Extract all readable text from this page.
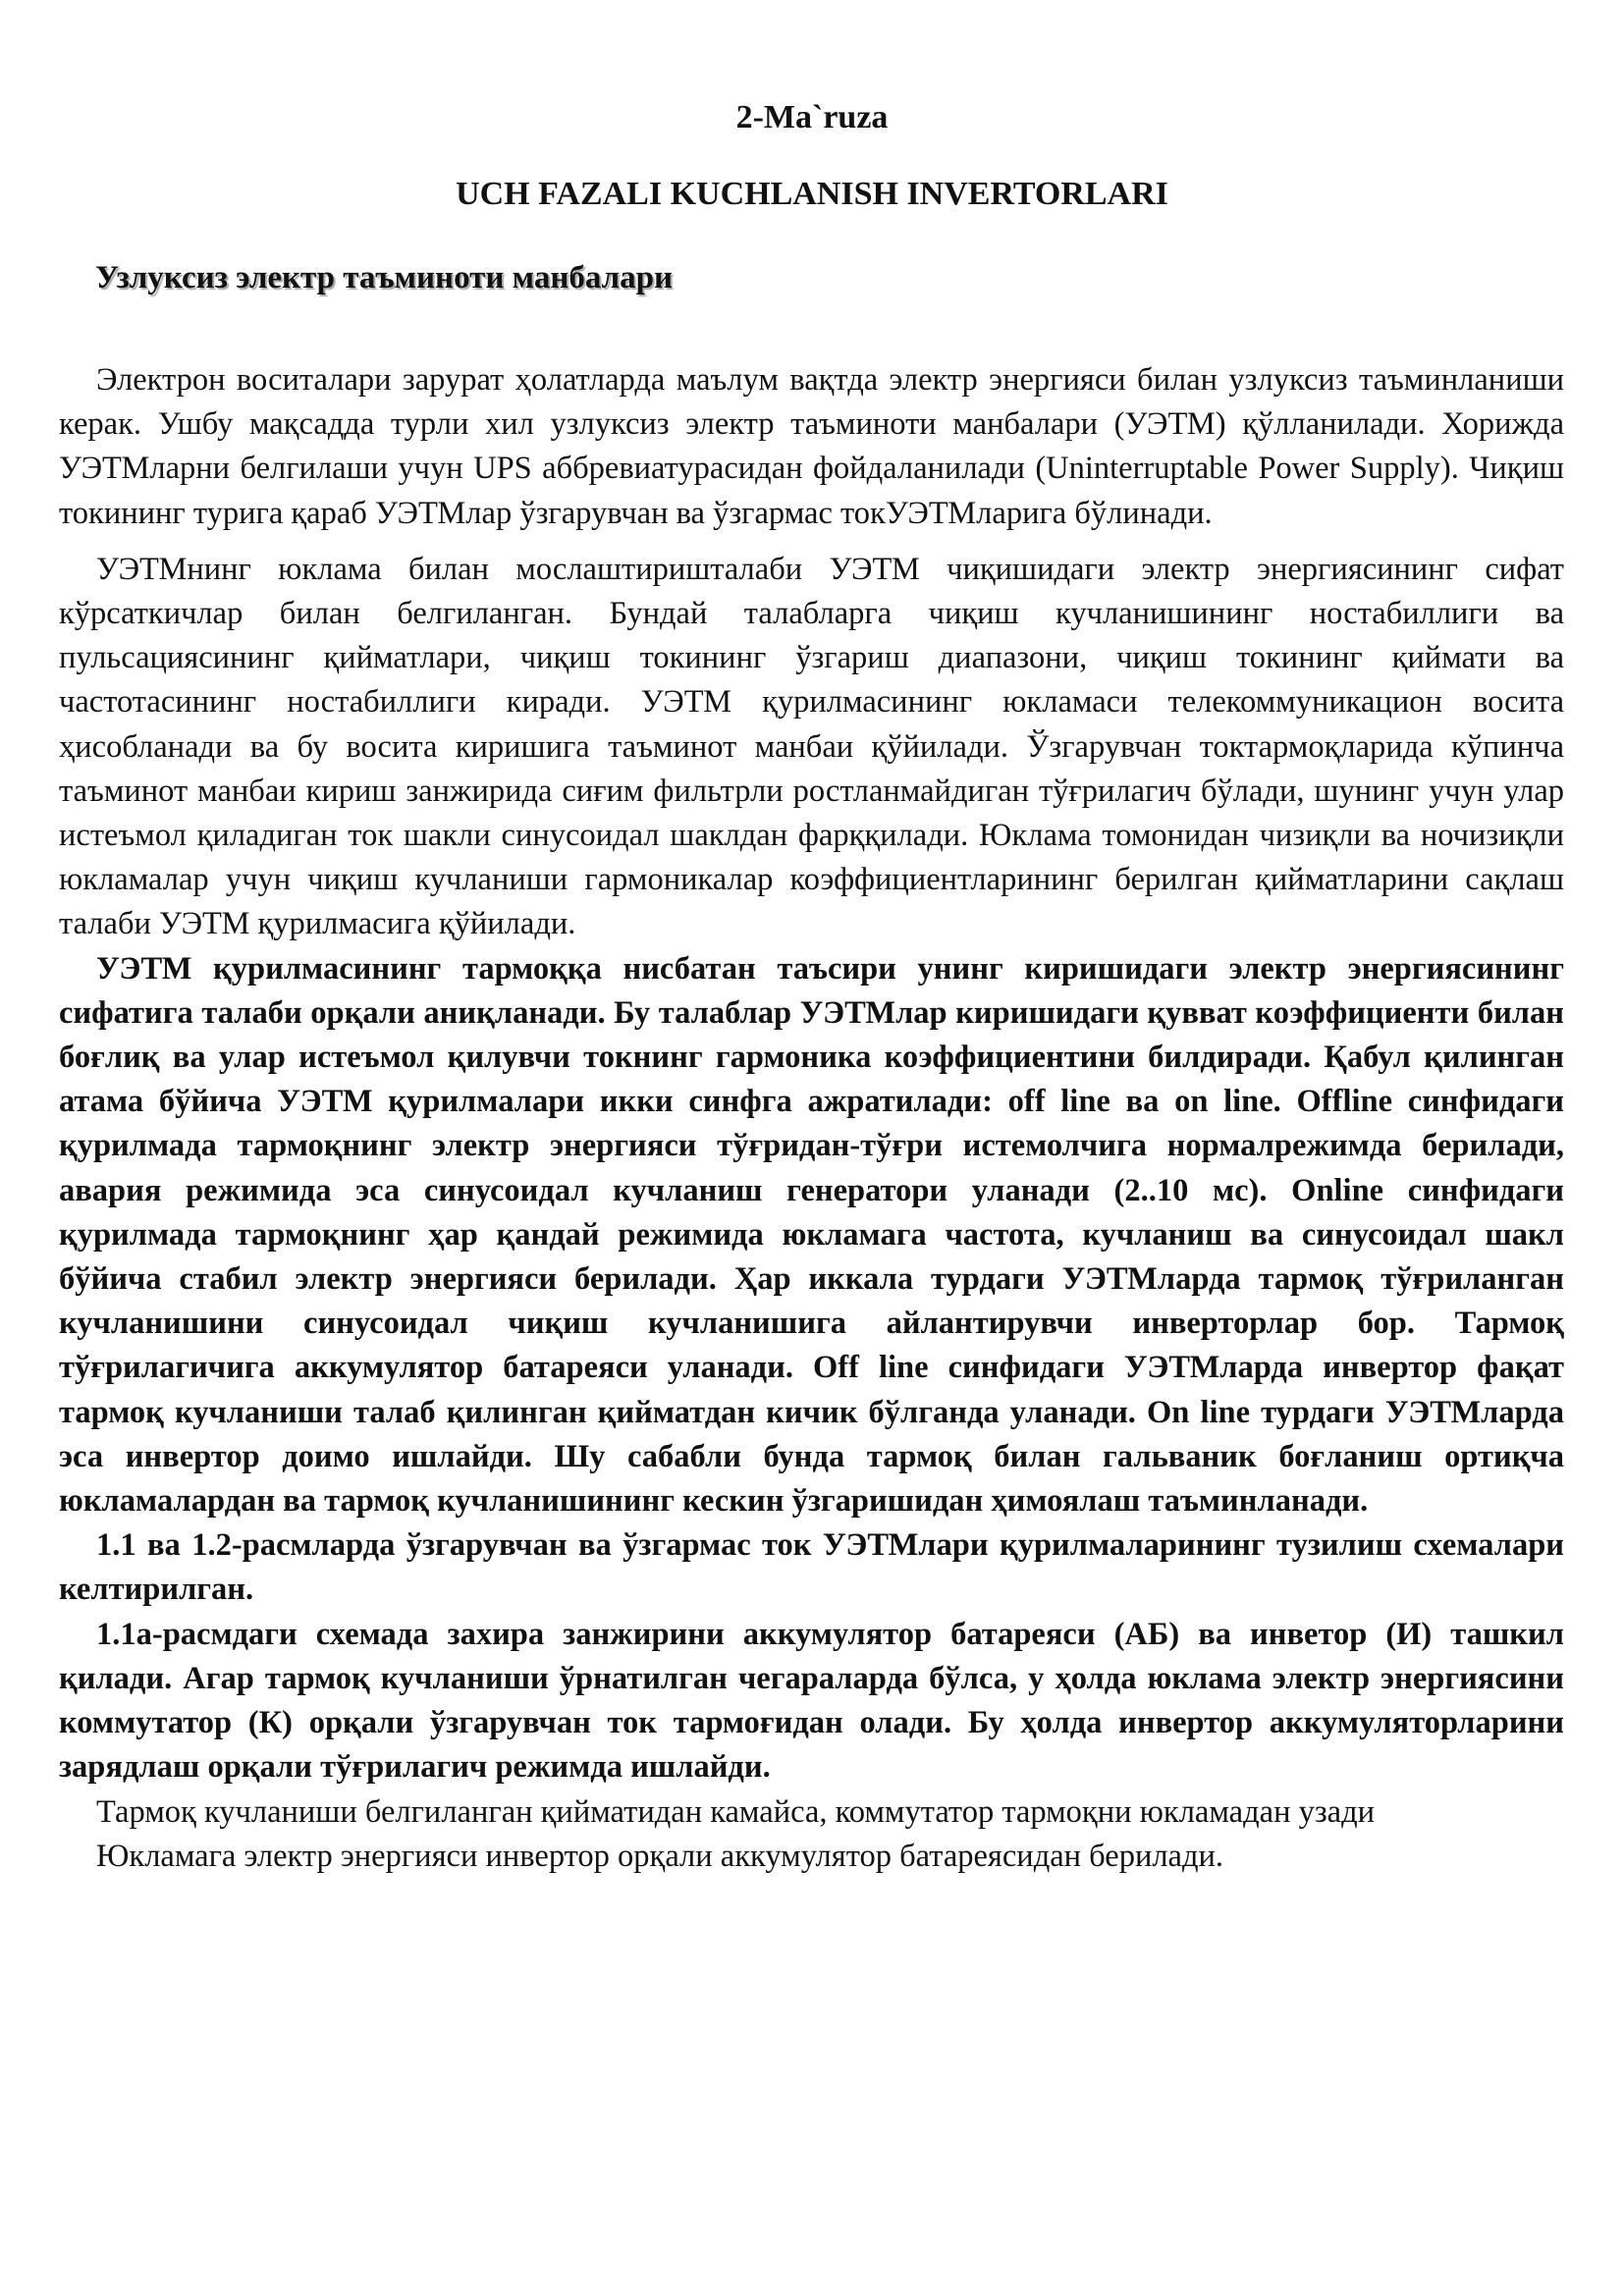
2-Ma`ruza
UCH FAZALI KUCHLANISH INVERTORLARI
Узлуксиз электр таъминоти манбалари

Электрон воситалари зарурат ҳолатларда маълум вақтда электр энергияси билан узлуксиз таъминланиши керак. Ушбу мақсадда турли хил узлуксиз электр таъминоти манбалари (УЭТМ) қўлланилади. Хорижда УЭТМларни белгилаши учун UPS аббревиатурасидан фойдаланилади (Uninterruptable Power Supply). Чиқиш токининг турига қараб УЭТМлар ўзгарувчан ва ўзгармас токУЭТМларига бўлинади.

УЭТМнинг юклама билан мослаштиришталаби УЭТМ чиқишидаги электр энергиясининг сифат кўрсаткичлар билан белгиланган. Бундай талабларга чиқиш кучланишининг ностабиллиги ва пульсациясининг қийматлари, чиқиш токининг ўзгариш диапазони, чиқиш токининг қиймати ва частотасининг ностабиллиги киради. УЭТМ қурилмасининг юкламаси телекоммуникацион восита ҳисобланади ва бу восита киришига таъминот манбаи қўйилади. Ўзгарувчан токтармоқларида кўпинча таъминот манбаи кириш занжирида сиғим фильтрли ростланмайдиган тўғрилагич бўлади, шунинг учун улар истеъмол қиладиган ток шакли синусоидал шаклдан фарққилади. Юклама томонидан чизиқли ва ночизиқли юкламалар учун чиқиш кучланиши гармоникалар коэффициентларининг берилган қийматларини сақлаш талаби УЭТМ қурилмасига қўйилади.

УЭТМ қурилмасининг тармоққа нисбатан таъсири унинг киришидаги электр энергиясининг сифатига талаби орқали аниқланади. Бу талаблар УЭТМлар киришидаги қувват коэффициенти билан боғлиқ ва улар истеъмол қилувчи токнинг гармоника коэффициентини билдиради. Қабул қилинган атама бўйича УЭТМ қурилмалари икки синфга ажратилади: off line ва on line. Offline синфидаги қурилмада тармоқнинг электр энергияси тўғридан-тўғри истемолчига нормалрежимда берилади, авария режимида эса синусоидал кучланиш генератори уланади (2..10 мс). Online синфидаги қурилмада тармоқнинг ҳар қандай режимида юкламага частота, кучланиш ва синусоидал шакл бўйича стабил электр энергияси берилади. Ҳар иккала турдаги УЭТМларда тармоқ тўғриланган кучланишини синусоидал чиқиш кучланишига айлантирувчи инверторлар бор. Тармоқ тўғрилагичига аккумулятор батареяси уланади. Off line синфидаги УЭТМларда инвертор фақат тармоқ кучланиши талаб қилинган қийматдан кичик бўлганда уланади. On line турдаги УЭТМларда эса инвертор доимо ишлайди. Шу сабабли бунда тармоқ билан гальваник боғланиш ортиқча юкламалардан ва тармоқ кучланишининг кескин ўзгаришидан ҳимоялаш таъминланади.

1.1 ва 1.2-расмларда ўзгарувчан ва ўзгармас ток УЭТМлари қурилмаларининг тузилиш схемалари келтирилган.

1.1а-расмдаги схемада захира занжирини аккумулятор батареяси (АБ) ва инветор (И) ташкил қилади. Агар тармоқ кучланиши ўрнатилган чегараларда бўлса, у ҳолда юклама электр энергиясини коммутатор (К) орқали ўзгарувчан ток тармоғидан олади. Бу ҳолда инвертор аккумуляторларини зарядлаш орқали тўғрилагич режимда ишлайди.

Тармоқ кучланиши белгиланган қийматидан камайса, коммутатор тармоқни юкламадан узади

Юкламага электр энергияси инвертор орқали аккумулятор батареясидан берилади.
